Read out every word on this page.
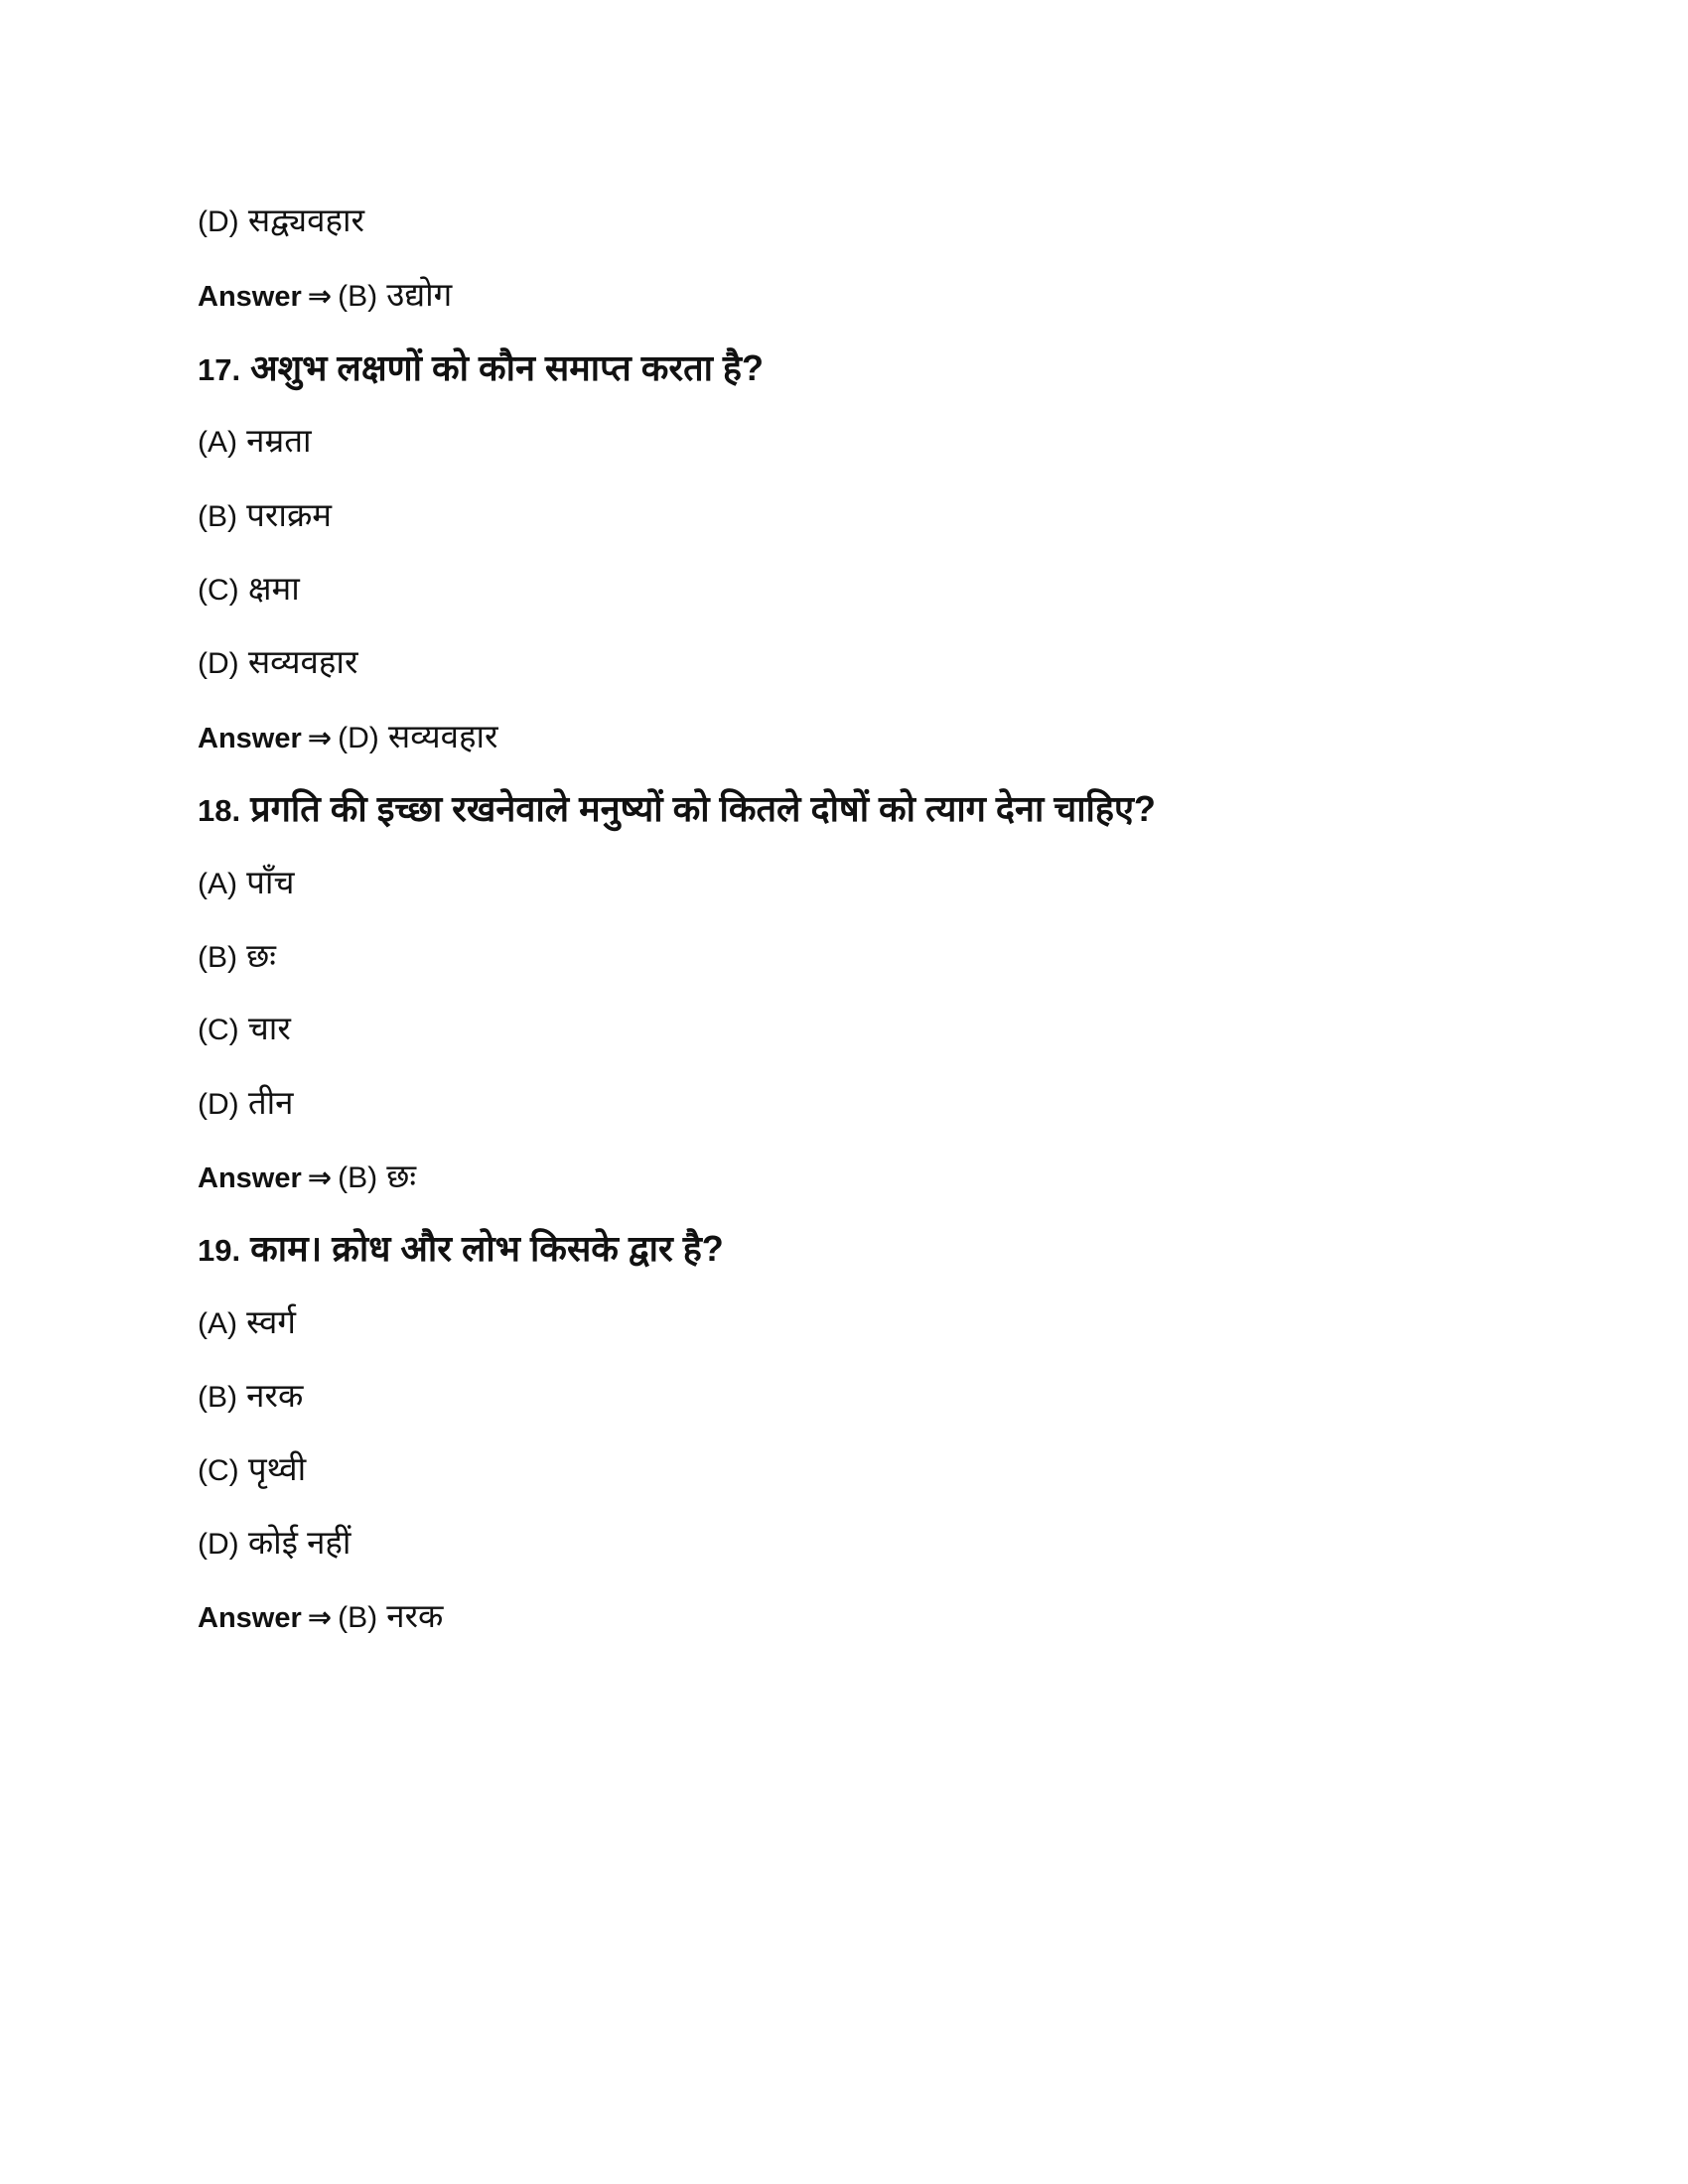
(D) सद्व्यवहार
Answer ⇒ (B) उद्योग
17. अशुभ लक्षणों को कौन समाप्त करता है?
(A) नम्रता
(B) पराक्रम
(C) क्षमा
(D) सव्यवहार
Answer ⇒ (D) सव्यवहार
18. प्रगति की इच्छा रखनेवाले मनुष्यों को कितले दोषों को त्याग देना चाहिए?
(A) पाँच
(B) छः
(C) चार
(D) तीन
Answer ⇒ (B) छः
19. काम। क्रोध और लोभ किसके द्वार है?
(A) स्वर्ग
(B) नरक
(C) पृथ्वी
(D) कोई नहीं
Answer ⇒ (B) नरक
